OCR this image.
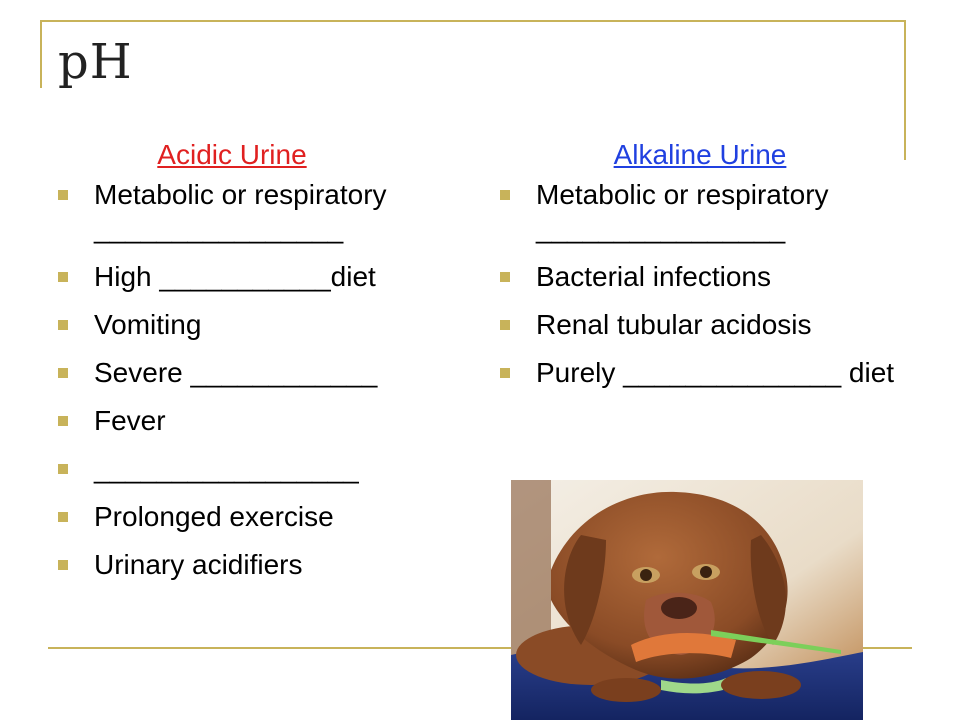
pH
Acidic Urine
Metabolic or respiratory ________________
High ___________diet
Vomiting
Severe ____________
Fever
_________________
Prolonged exercise
Urinary acidifiers
Alkaline Urine
Metabolic or respiratory ________________
Bacterial infections
Renal tubular acidosis
Purely ______________ diet
